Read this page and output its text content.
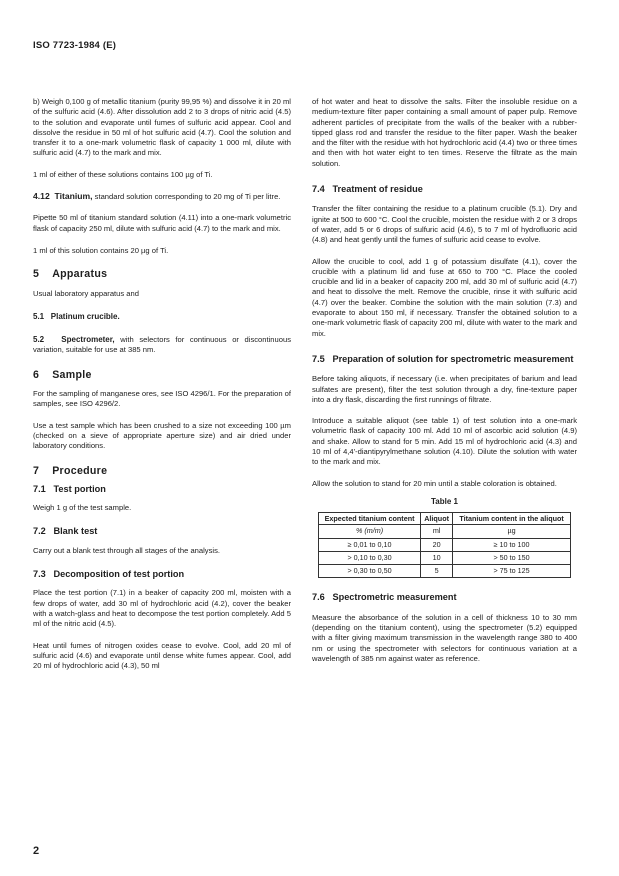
ISO 7723-1984 (E)

b) Weigh 0,100 g of metallic titanium (purity 99,95 %) and dissolve it in 20 ml of the sulfuric acid (4.6). After dissolution add 2 to 3 drops of nitric acid (4.5) to the solution and evaporate until fumes of sulfuric acid appear. Cool and dissolve the residue in 50 ml of hot sulfuric acid (4.7). Cool the solution and transfer it to a one-mark volumetric flask of capacity 1 000 ml, dilute with sulfuric acid (4.7) to the mark and mix.

1 ml of either of these solutions contains 100 µg of Ti.

4.12 Titanium, standard solution corresponding to 20 mg of Ti per litre.

Pipette 50 ml of titanium standard solution (4.11) into a one-mark volumetric flask of capacity 250 ml, dilute with sulfuric acid (4.7) to the mark and mix.

1 ml of this solution contains 20 µg of Ti.

5 Apparatus

Usual laboratory apparatus and

5.1 Platinum crucible.

5.2 Spectrometer, with selectors for continuous or discontinuous variation, suitable for use at 385 nm.

6 Sample

For the sampling of manganese ores, see ISO 4296/1. For the preparation of samples, see ISO 4296/2.

Use a test sample which has been crushed to a size not exceeding 100 µm (checked on a sieve of appropriate aperture size) and air dried under laboratory conditions.

7 Procedure

7.1 Test portion

Weigh 1 g of the test sample.

7.2 Blank test

Carry out a blank test through all stages of the analysis.

7.3 Decomposition of test portion

Place the test portion (7.1) in a beaker of capacity 200 ml, moisten with a few drops of water, add 30 ml of hydrochloric acid (4.2), cover the beaker with a watch-glass and heat to decompose the test portion completely. Add 5 ml of the nitric acid (4.5).

Heat until fumes of nitrogen oxides cease to evolve. Cool, add 20 ml of sulfuric acid (4.6) and evaporate until dense white fumes appear. Cool, add 20 ml of hydrochloric acid (4.3), 50 ml

of hot water and heat to dissolve the salts. Filter the insoluble residue on a medium-texture filter paper containing a small amount of paper pulp. Remove adherent particles of precipitate from the walls of the beaker with a rubber-tipped glass rod and transfer the residue to the filter paper. Wash the beaker and the filter with the residue with hot hydrochloric acid (4.4) two or three times and then with hot water eight to ten times. Reserve the filtrate as the main solution.

7.4 Treatment of residue

Transfer the filter containing the residue to a platinum crucible (5.1). Dry and ignite at 500 to 600 °C. Cool the crucible, moisten the residue with 2 or 3 drops of water, add 5 or 6 drops of sulfuric acid (4.6), 5 to 7 ml of hydrofluoric acid (4.8) and heat gently until the fumes of sulfuric acid cease to evolve.

Allow the crucible to cool, add 1 g of potassium disulfate (4.1), cover the crucible with a platinum lid and fuse at 650 to 700 °C. Place the cooled crucible and lid in a beaker of capacity 200 ml, add 30 ml of sulfuric acid (4.7) and heat to dissolve the melt. Remove the crucible, rinse it with sulfuric acid (4.7) over the beaker. Combine the solution with the main solution (7.3) and evaporate to about 150 ml, if necessary. Transfer the obtained solution to a one-mark volumetric flask of capacity 200 ml, dilute with water to the mark and mix.

7.5 Preparation of solution for spectrometric measurement

Before taking aliquots, if necessary (i.e. when precipitates of barium and lead sulfates are present), filter the test solution through a dry, fine-texture paper into a dry flask, discarding the first runnings of filtrate.

Introduce a suitable aliquot (see table 1) of test solution into a one-mark volumetric flask of capacity 100 ml. Add 10 ml of ascorbic acid solution (4.9) and shake. Allow to stand for 5 min. Add 15 ml of hydrochloric acid (4.3) and 10 ml of 4,4'-diantipyrylmethane solution (4.10). Dilute the solution with water to the mark and mix.

Allow the solution to stand for 20 min until a stable coloration is obtained.

Table 1

Expected titanium content	Aliquot	Titanium content in the aliquot
% (m/m)	ml	µg
≥ 0,01 to 0,10	20	≥ 10 to 100
> 0,10 to 0,30	10	> 50 to 150
> 0,30 to 0,50	5	> 75 to 125

7.6 Spectrometric measurement

Measure the absorbance of the solution in a cell of thickness 10 to 30 mm (depending on the titanium content), using the spectrometer (5.2) equipped with a filter giving maximum transmission in the wavelength range 380 to 400 nm or using the spectrometer with selectors for continuous variation at a wavelength of 385 nm against water as reference.

2
